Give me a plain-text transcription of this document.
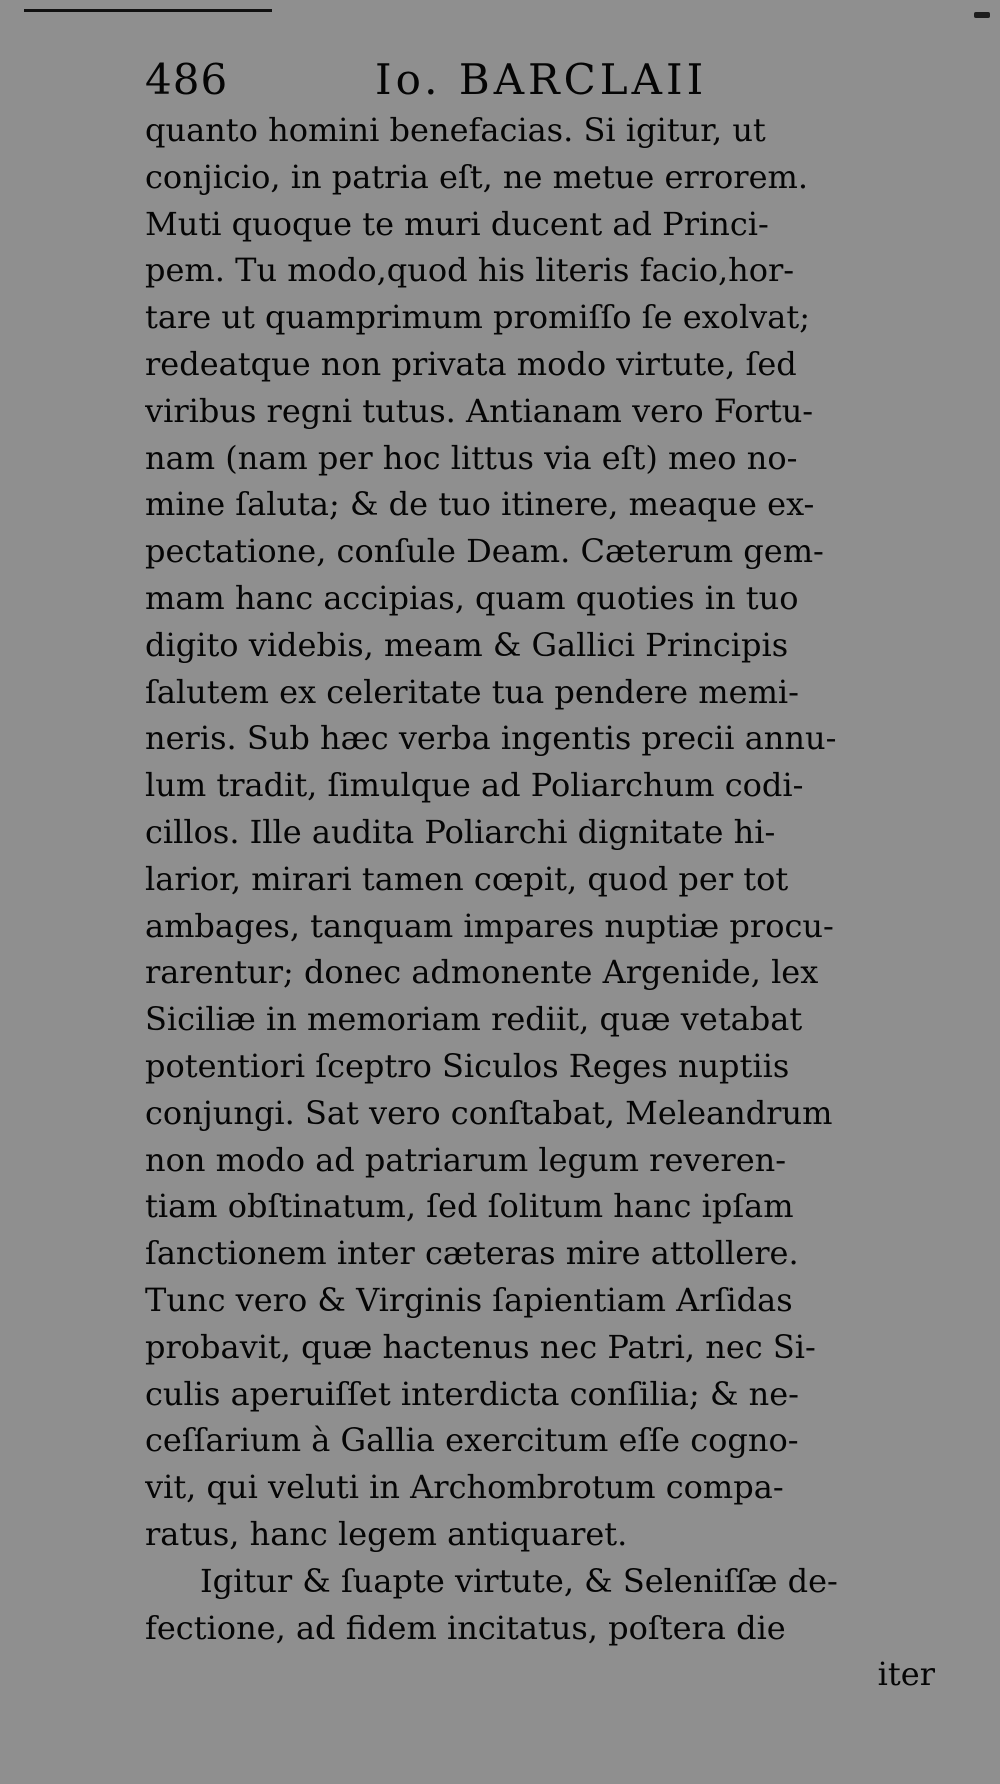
486	Io. BARCLAII
quanto homini benefacias. Si igitur, ut
conjicio, in patria eſt, ne metue errorem.
Muti quoque te muri ducent ad Princi-
pem. Tu modo,quod his literis facio,hor-
tare ut quamprimum promiſſo ſe exolvat;
redeatque non privata modo virtute, ſed
viribus regni tutus. Antianam vero Fortu-
nam (nam per hoc littus via eſt) meo no-
mine ſaluta; & de tuo itinere, meaque ex-
pectatione, conſule Deam. Cæterum gem-
mam hanc accipias, quam quoties in tuo
digito videbis, meam & Gallici Principis
ſalutem ex celeritate tua pendere memi-
neris. Sub hæc verba ingentis precii annu-
lum tradit, ſimulque ad Poliarchum codi-
cillos. Ille audita Poliarchi dignitate hi-
larior, mirari tamen cœpit, quod per tot
ambages, tanquam impares nuptiæ procu-
rarentur; donec admonente Argenide, lex
Siciliæ in memoriam rediit, quæ vetabat
potentiori ſceptro Siculos Reges nuptiis
conjungi. Sat vero conſtabat, Meleandrum
non modo ad patriarum legum reveren-
tiam obſtinatum, ſed ſolitum hanc ipſam
ſanctionem inter cæteras mire attollere.
Tunc vero & Virginis ſapientiam Arſidas
probavit, quæ hactenus nec Patri, nec Si-
culis aperuiſſet interdicta conſilia; & ne-
ceſſarium à Gallia exercitum eſſe cogno-
vit, qui veluti in Archombrotum compa-
ratus, hanc legem antiquaret.
Igitur & ſuapte virtute, & Seleniſſæ de-
fectione, ad fidem incitatus, poſtera die
iter
